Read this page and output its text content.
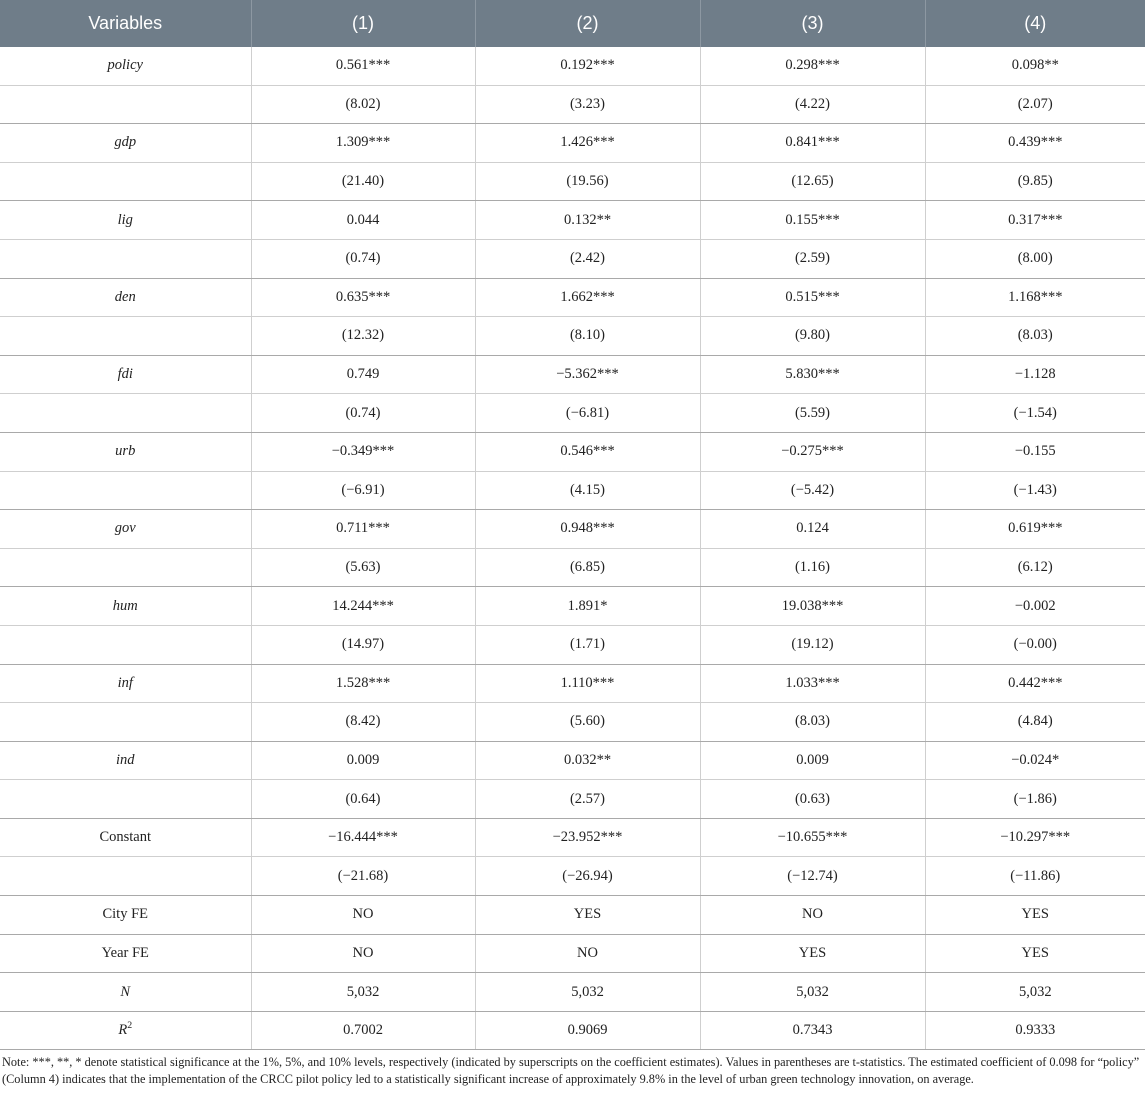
Variables	(1)	(2)	(3)	(4)
policy	0.561***	0.192***	0.298***	0.098**
	(8.02)	(3.23)	(4.22)	(2.07)
gdp	1.309***	1.426***	0.841***	0.439***
	(21.40)	(19.56)	(12.65)	(9.85)
lig	0.044	0.132**	0.155***	0.317***
	(0.74)	(2.42)	(2.59)	(8.00)
den	0.635***	1.662***	0.515***	1.168***
	(12.32)	(8.10)	(9.80)	(8.03)
fdi	0.749	−5.362***	5.830***	−1.128
	(0.74)	(−6.81)	(5.59)	(−1.54)
urb	−0.349***	0.546***	−0.275***	−0.155
	(−6.91)	(4.15)	(−5.42)	(−1.43)
gov	0.711***	0.948***	0.124	0.619***
	(5.63)	(6.85)	(1.16)	(6.12)
hum	14.244***	1.891*	19.038***	−0.002
	(14.97)	(1.71)	(19.12)	(−0.00)
inf	1.528***	1.110***	1.033***	0.442***
	(8.42)	(5.60)	(8.03)	(4.84)
ind	0.009	0.032**	0.009	−0.024*
	(0.64)	(2.57)	(0.63)	(−1.86)
Constant	−16.444***	−23.952***	−10.655***	−10.297***
	(−21.68)	(−26.94)	(−12.74)	(−11.86)
City FE	NO	YES	NO	YES
Year FE	NO	NO	YES	YES
N	5,032	5,032	5,032	5,032
$R^2$	0.7002	0.9069	0.7343	0.9333
Note: ***, **, * denote statistical significance at the 1%, 5%, and 10% levels, respectively (indicated by superscripts on the coefficient estimates). Values in parentheses are t-statistics. The estimated coefficient of 0.098 for “policy” (Column 4) indicates that the implementation of the CRCC pilot policy led to a statistically significant increase of approximately 9.8% in the level of urban green technology innovation, on average.
